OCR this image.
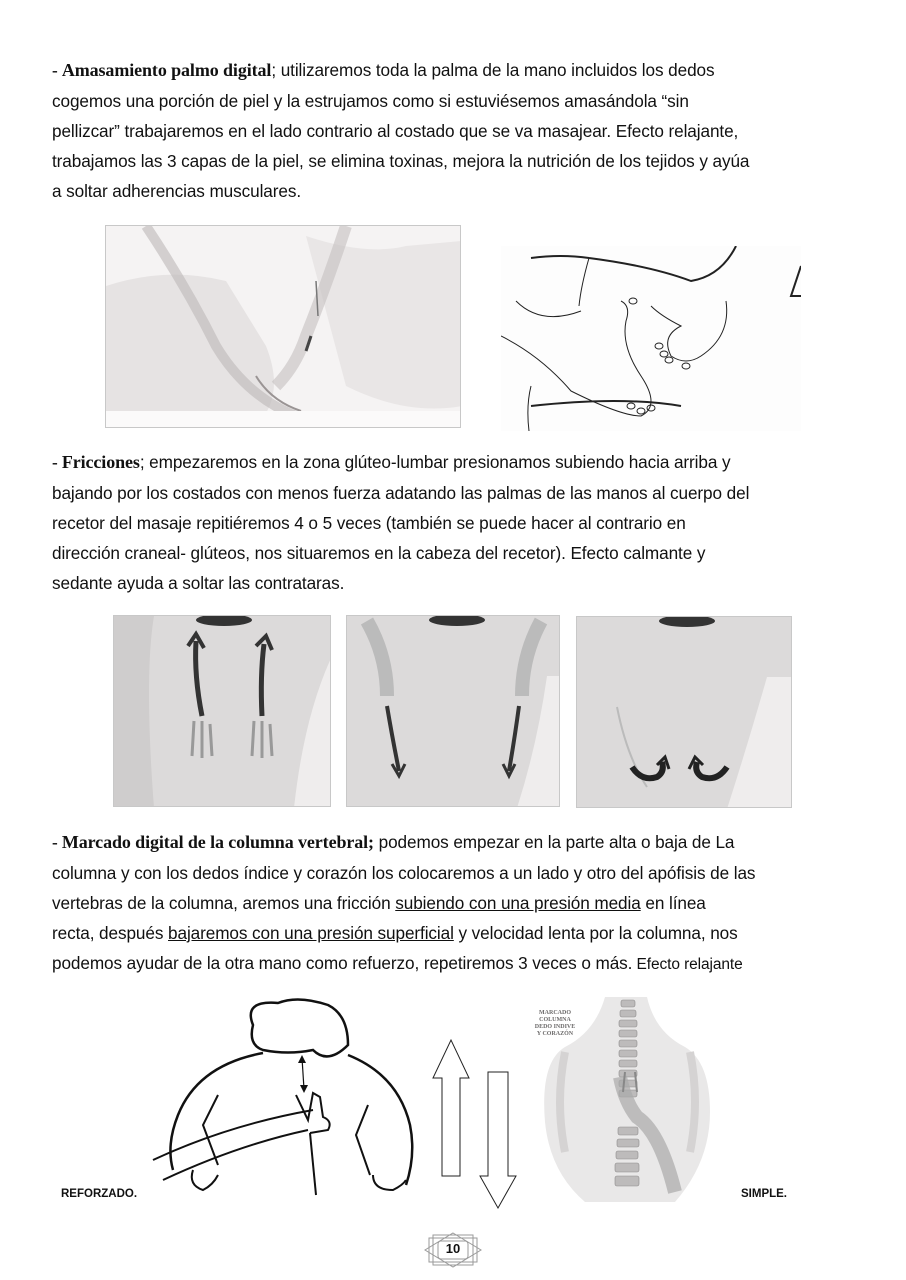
- Amasamiento palmo digital; utilizaremos toda la palma de la mano incluidos los dedos
cogemos una porción de piel y la estrujamos como si estuviésemos amasándola “sin
pellizcar” trabajaremos en el lado contrario al costado que se va masajear. Efecto relajante,
trabajamos las 3 capas de la piel, se elimina toxinas, mejora la nutrición de los tejidos y ayúa
a soltar adherencias musculares.
- Fricciones; empezaremos en la zona glúteo-lumbar presionamos subiendo hacia arriba y
bajando por los costados con menos fuerza adatando las palmas de las manos al cuerpo del
recetor del masaje repitiéremos 4 o 5 veces (también se puede hacer al contrario en
dirección craneal- glúteos, nos situaremos en la cabeza del recetor). Efecto calmante y
sedante ayuda a soltar las contrataras.
- Marcado digital de la columna vertebral; podemos empezar en la parte alta o baja de La
columna y con los dedos índice y corazón los colocaremos a un lado y otro del apófisis de las
vertebras de la columna, aremos una fricción subiendo con una presión media en línea
recta, después bajaremos con una presión superficial y velocidad lenta por la columna, nos
podemos ayudar de la otra mano como refuerzo, repetiremos 3 veces o más. Efecto relajante
MARCADO
COLUMNA
DEDO INDIVE
Y CORAZÓN
REFORZADO.	SIMPLE.
10
